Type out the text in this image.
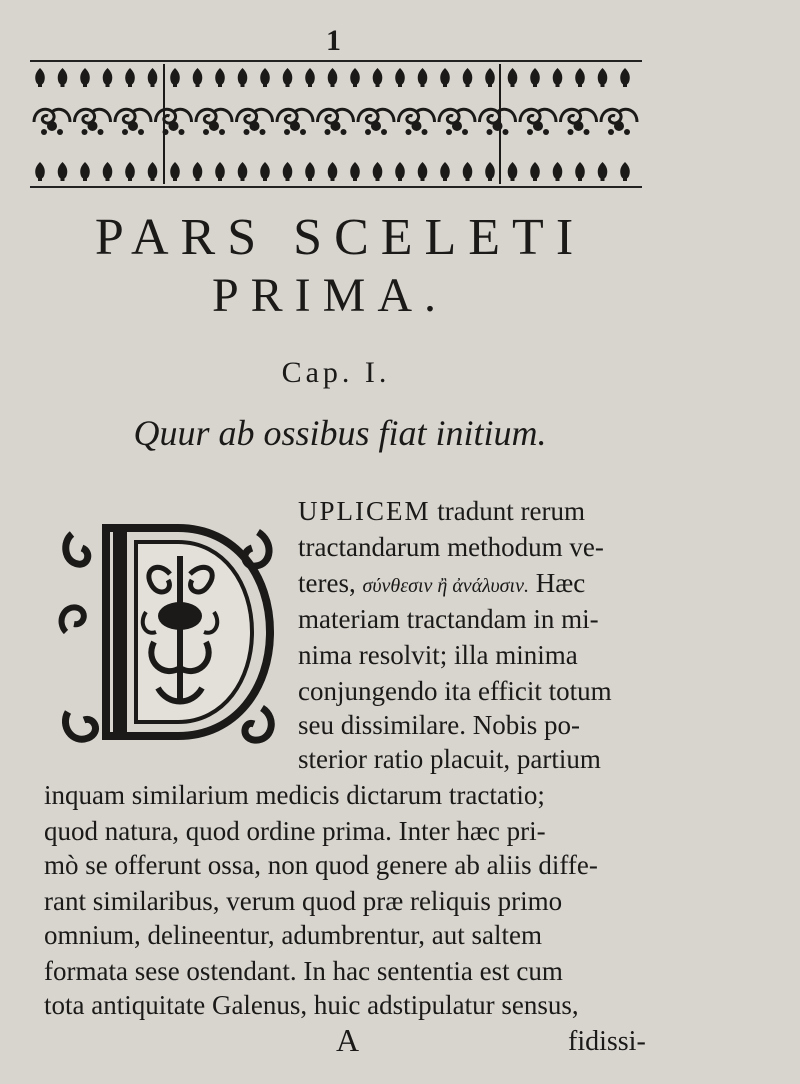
1
PARS SCELETI
PRIMA.
Cap. I.
Quur ab ossibus fiat initium.
UPLICEM tradunt rerum
tractandarum methodum ve-
teres, σύνθεσιν ἢ ἀνάλυσιν. Hæc
materiam tractandam in mi-
nima resolvit; illa minima
conjungendo ita efficit totum
seu dissimilare. Nobis po-
sterior ratio placuit, partium
inquam similarium medicis dictarum tractatio;
quod natura, quod ordine prima. Inter hæc pri-
mò se offerunt ossa, non quod genere ab aliis diffe-
rant similaribus, verum quod præ reliquis primo
omnium, delineentur, adumbrentur, aut saltem
formata sese ostendant. In hac sententia est cum
tota antiquitate Galenus, huic adstipulatur sensus,
A	fidissi-
